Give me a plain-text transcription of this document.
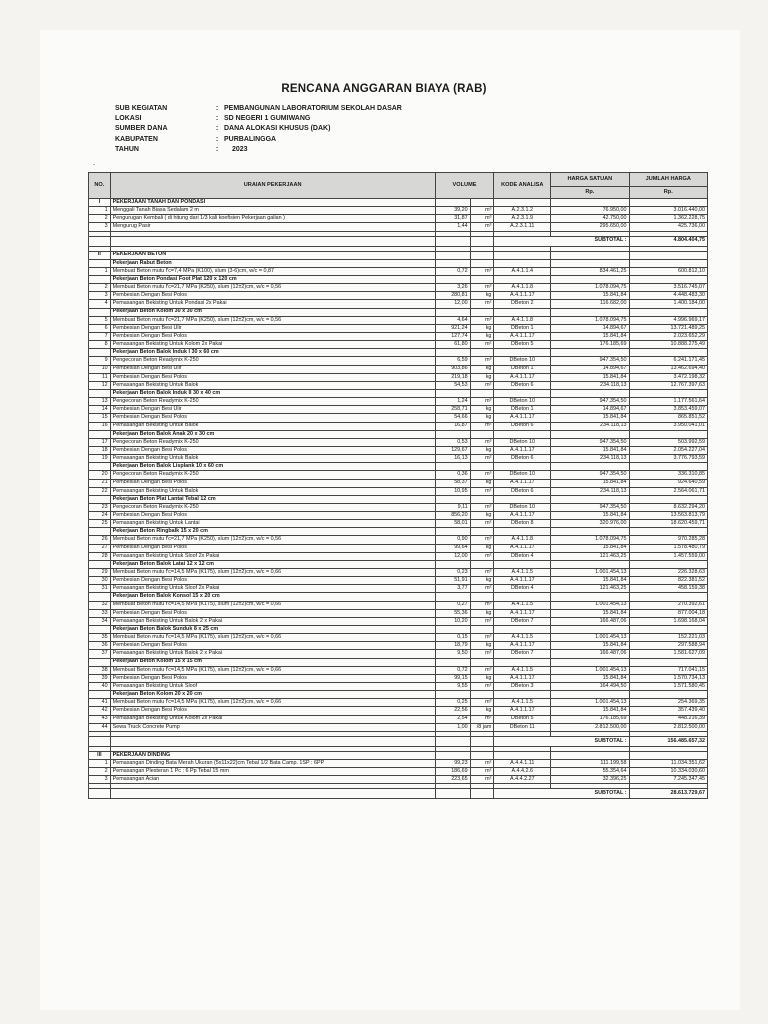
RENCANA ANGGARAN BIAYA (RAB)
SUB KEGIATAN	: PEMBANGUNAN LABORATORIUM SEKOLAH DASAR
LOKASI	: SD NEGERI 1 GUMIWANG
SUMBER DANA	: DANA ALOKASI KHUSUS (DAK)
KABUPATEN	: PURBALINGGA
TAHUN	:	2023
.
NO.	URAIAN PEKERJAAN	VOLUME		KODE ANALISA	HARGA SATUAN	JUMLAH HARGA
					Rp.	Rp.
I	PEKERJAAN TANAH DAN PONDASI					
1	Menggali Tanah Biasa Sedalam 2 m	39,20	m³	A.2.3.1.2	76.950,00	3.016.440,00
2	Pengurugan Kembali ( di hitung dari 1/3 kali koefisien Pekerjaan galian )	31,87	m³	A.2.3.1.9	42.750,00	1.362.228,75
3	Mengurug Pasir	1,44	m³	A.2.3.1.11	295.650,00	425.736,00

				SUBTOTAL :		4.804.404,75

II	PEKERJAAN BETON					
	Pekerjaan Rabut Beton					
1	Membuat Beton mutu f'c=7,4 MPa (K100), slum (3-6)cm, w/c = 0,87	0,72	m³	A.4.1.1.4	834.461,25	600.812,10
	Pekerjaan Beton Pondasi Foot Plat 120 x 120 cm					
2	Membuat Beton mutu f'c=21,7 MPa (K250), slum (12±2)cm, w/c = 0,56	3,26	m³	A.4.1.1.8	1.078.094,75	3.516.745,07
3	Pembesian Dengan Besi Polos	280,81	kg	A.4.1.1.17	15.841,84	4.448.483,30
4	Pemasangan Bekisting Untuk Pondasi 2x Pakai	12,00	m²	DBeton 2	116.682,00	1.400.184,00
	Pekerjaan Beton Kolom 30 x 30 cm					
5	Membuat Beton mutu f'c=21,7 MPa (K250), slum (12±2)cm, w/c = 0,56	4,64	m³	A.4.1.1.8	1.078.094,75	4.996.969,17
6	Pembesian Dengan Besi Ulir	921,24	kg	DBeton 1	14.894,67	13.721.489,25
7	Pembesian Dengan Besi Polos	127,74	kg	A.4.1.1.17	15.841,84	2.023.652,29
8	Pemasangan Bekisting Untuk Kolom 2x Pakai	61,80	m²	DBeton 5	176.185,69	10.888.275,49
	Pekerjaan Beton Balok Induk I 30 x 60 cm					
9	Pengecoran Beton Readymix K-250	6,59	m³	DBeton 10	947.354,50	6.241.171,45
10	Pembesian Dengan Besi Ulir	903,86	kg	DBeton 1	14.894,67	13.462.694,40
11	Pembesian Dengan Besi Polos	219,18	kg	A.4.1.1.17	15.841,84	3.472.198,32
12	Pemasangan Bekisting Untuk Balok	54,53	m²	DBeton 6	234.118,13	12.767.397,63
	Pekerjaan Beton Balok Induk II 30 x 40 cm					
13	Pengecoran Beton Readymix K-250	1,24	m³	DBeton 10	947.354,50	1.177.561,64
14	Pembesian Dengan Besi Ulir	258,71	kg	DBeton 1	14.894,67	3.853.459,07
15	Pembesian Dengan Besi Polos	54,66	kg	A.4.1.1.17	15.841,84	865.851,52
16	Pemasangan Bekisting Untuk Balok	16,87	m²	DBeton 6	234.118,13	3.950.041,01
	Pekerjaan Beton Balok Anak 20 x 30 cm					
17	Pengecoran Beton Readymix K-250	0,53	m³	DBeton 10	947.354,50	503.992,59
18	Pembesian Dengan Besi Polos	129,67	kg	A.4.1.1.17	15.841,84	2.054.227,04
19	Pemasangan Bekisting Untuk Balok	16,13	m²	DBeton 6	234.118,13	3.776.793,59
	Pekerjaan Beton Balok Lisplank 10 x 60 cm					
20	Pengecoran Beton Readymix K-250	0,36	m³	DBeton 10	947.354,50	336.310,85
21	Pembesian Dengan Besi Polos	58,37	kg	A.4.1.1.17	15.841,84	924.640,59
22	Pemasangan Bekisting Untuk Balok	10,95	m²	DBeton 6	234.118,13	2.564.061,71
	Pekerjaan Beton Plat Lantai Tebal 12 cm					
23	Pengecoran Beton Readymix K-250	9,11	m³	DBeton 10	947.354,50	8.632.294,20
24	Pembesian Dengan Besi Polos	856,20	kg	A.4.1.1.17	15.841,84	13.563.813,79
25	Pemasangan Bekisting Untuk Lantai	58,01	m²	DBeton 8	320.976,00	18.620.459,71
	Pekerjaan Beton Ringbalk 15 x 20 cm					
26	Membuat Beton mutu f'c=21,7 MPa (K250), slum (12±2)cm, w/c = 0,56	0,90	m³	A.4.1.1.8	1.078.094,75	970.285,28
27	Pembesian Dengan Besi Polos	99,64	kg	A.4.1.1.17	15.841,84	1.578.480,79
28	Pemasangan Bekisting Untuk Sloof 2x Pakai	12,00	m²	DBeton 4	121.463,25	1.457.559,00
	Pekerjaan Beton Balok Latai 12 x 12 cm					
29	Membuat Beton mutu f'c=14,5 MPa (K175), slum (12±2)cm, w/c = 0,66	0,23	m³	A.4.1.1.5	1.001.454,13	226.328,63
30	Pembesian Dengan Besi Polos	51,91	kg	A.4.1.1.17	15.841,84	822.381,52
31	Pemasangan Bekisting Untuk Sloof 2x Pakai	3,77	m²	DBeton 4	121.463,25	458.159,38
	Pekerjaan Beton Balok Konsol 15 x 20 cm					
32	Membuat Beton mutu f'c=14,5 MPa (K175), slum (12±2)cm, w/c = 0,66	0,27	m³	A.4.1.1.5	1.001.454,13	270.392,61
33	Pembesian Dengan Besi Polos	55,36	kg	A.4.1.1.17	15.841,84	877.004,18
34	Pemasangan Bekisting Untuk Balok 2 x Pakai	10,20	m²	DBeton 7	166.487,06	1.698.168,04
	Pekerjaan Beton Balok Sunduk 8 x 25 cm					
35	Membuat Beton mutu f'c=14,5 MPa (K175), slum (12±2)cm, w/c = 0,66	0,15	m³	A.4.1.1.5	1.001.454,13	152.221,03
36	Pembesian Dengan Besi Polos	18,79	kg	A.4.1.1.17	15.841,84	297.588,94
37	Pemasangan Bekisting Untuk Balok 2 x Pakai	9,50	m²	DBeton 7	166.487,06	1.581.627,09
	Pekerjaan Beton Kolom 15 x 15 cm					
38	Membuat Beton mutu f'c=14,5 MPa (K175), slum (12±2)cm, w/c = 0,66	0,72	m³	A.4.1.1.5	1.001.454,13	717.041,15
39	Pembesian Dengan Besi Polos	99,15	kg	A.4.1.1.17	15.841,84	1.570.734,13
40	Pemasangan Bekisting Untuk Sloof	9,55	m²	DBeton 3	164.494,50	1.571.580,45
	Pekerjaan Beton Kolom 20 x 20 cm					
41	Membuat Beton mutu f'c=14,5 MPa (K175), slum (12±2)cm, w/c = 0,66	0,25	m³	A.4.1.1.5	1.001.454,13	254.369,35
42	Pembesian Dengan Besi Polos	22,56	kg	A.4.1.1.17	15.841,84	357.439,40
43	Pemasangan Bekisting Untuk Kolom 2x Pakai	2,54	m²	DBeton 5	176.185,69	448.216,39
44	Sewa Truck Concrete Pump	1,00	/8 jam	DBeton 11	2.812.500,00	2.812.500,00

				SUBTOTAL :		156.485.657,32

III	PEKERJAAN DINDING					
1	Pemasangan Dinding Bata Merah Ukuran (5x11x22)cm Tebal 1/2 Bata Camp. 1SP : 6PP	99,23	m²	A.4.4.1.11	111.199,58	11.034.351,62
2	Pemasangan Plesteran 1 Pc : 6 Pp Tebal 15 mm	186,69	m²	A.4.4.2.6	55.354,64	10.334.030,60
3	Pemasangan Acian	223,65	m²	A.4.4.2.27	32.396,25	7.245.347,45

				SUBTOTAL :		28.613.729,67
